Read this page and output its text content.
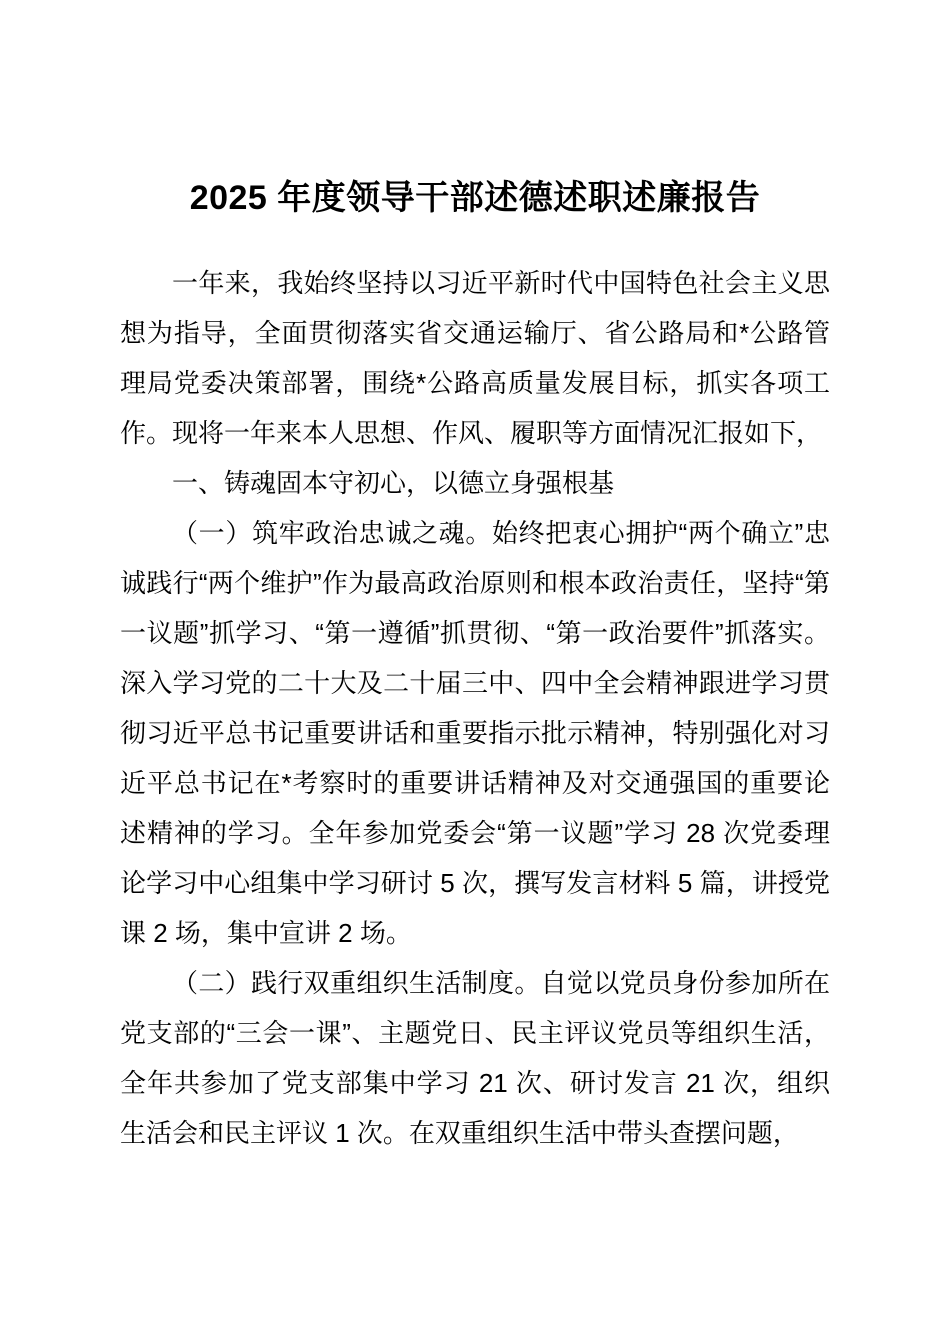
2025 年度领导干部述德述职述廉报告

一年来，我始终坚持以习近平新时代中国特色社会主义思想为指导，全面贯彻落实省交通运输厅、省公路局和*公路管理局党委决策部署，围绕*公路高质量发展目标，抓实各项工作。现将一年来本人思想、作风、履职等方面情况汇报如下，

一、铸魂固本守初心，以德立身强根基

（一）筑牢政治忠诚之魂。始终把衷心拥护“两个确立”忠诚践行“两个维护”作为最高政治原则和根本政治责任，坚持“第一议题”抓学习、“第一遵循”抓贯彻、“第一政治要件”抓落实。深入学习党的二十大及二十届三中、四中全会精神跟进学习贯彻习近平总书记重要讲话和重要指示批示精神，特别强化对习近平总书记在*考察时的重要讲话精神及对交通强国的重要论述精神的学习。全年参加党委会“第一议题”学习 28 次党委理论学习中心组集中学习研讨 5 次，撰写发言材料 5 篇，讲授党课 2 场，集中宣讲 2 场。

（二）践行双重组织生活制度。自觉以党员身份参加所在党支部的“三会一课”、主题党日、民主评议党员等组织生活，全年共参加了党支部集中学习 21 次、研讨发言 21 次，组织生活会和民主评议 1 次。在双重组织生活中带头查摆问题，
